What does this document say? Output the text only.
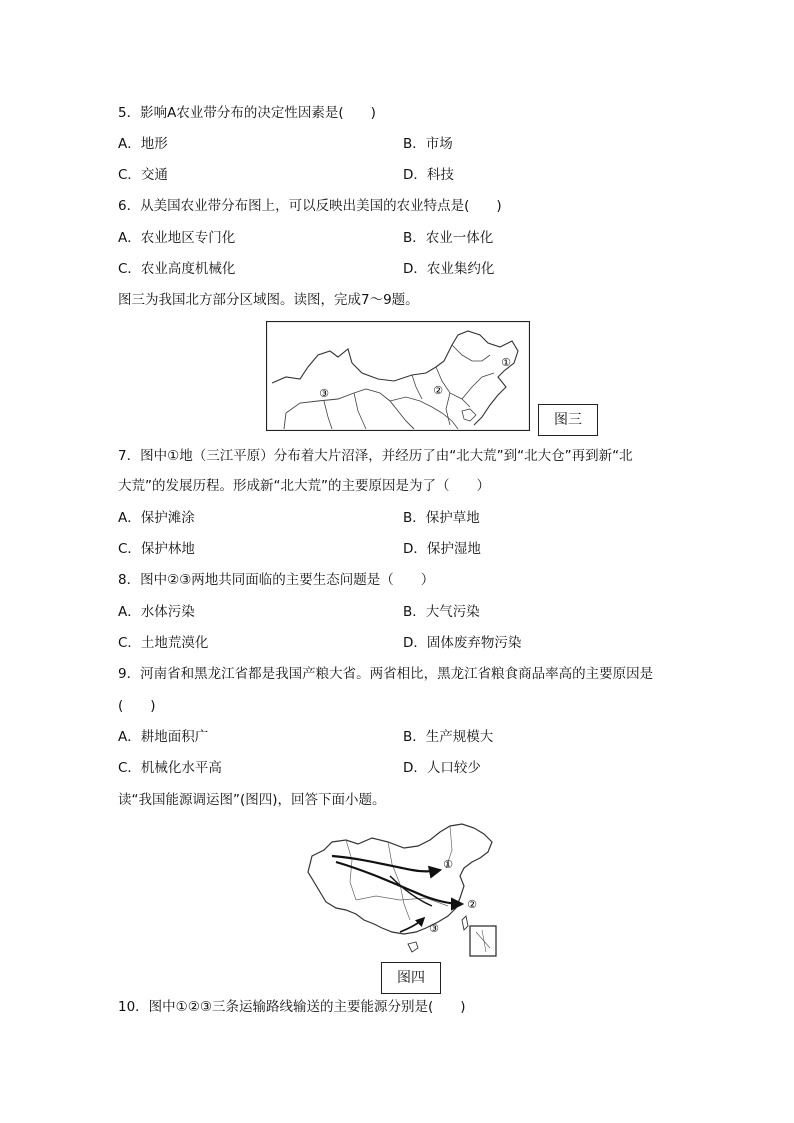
5．影响A农业带分布的决定性因素是(　　)
A．地形	B．市场
C．交通	D．科技
6．从美国农业带分布图上，可以反映出美国的农业特点是(　　)
A．农业地区专门化	B．农业一体化
C．农业高度机械化	D．农业集约化
图三为我国北方部分区域图。读图，完成7～9题。
①
②
③
图三
7．图中①地（三江平原）分布着大片沼泽，并经历了由“北大荒”到“北大仓”再到新“北
大荒”的发展历程。形成新“北大荒”的主要原因是为了（　　）
A．保护滩涂	B．保护草地
C．保护林地	D．保护湿地
8．图中②③两地共同面临的主要生态问题是（　　）
A．水体污染	B．大气污染
C．土地荒漠化	D．固体废弃物污染
9．河南省和黑龙江省都是我国产粮大省。两省相比，黑龙江省粮食商品率高的主要原因是
(　　)
A．耕地面积广	B．生产规模大
C．机械化水平高	D．人口较少
读“我国能源调运图”(图四)，回答下面小题。
①
②
③
图四
10．图中①②③三条运输路线输送的主要能源分别是(　　)
